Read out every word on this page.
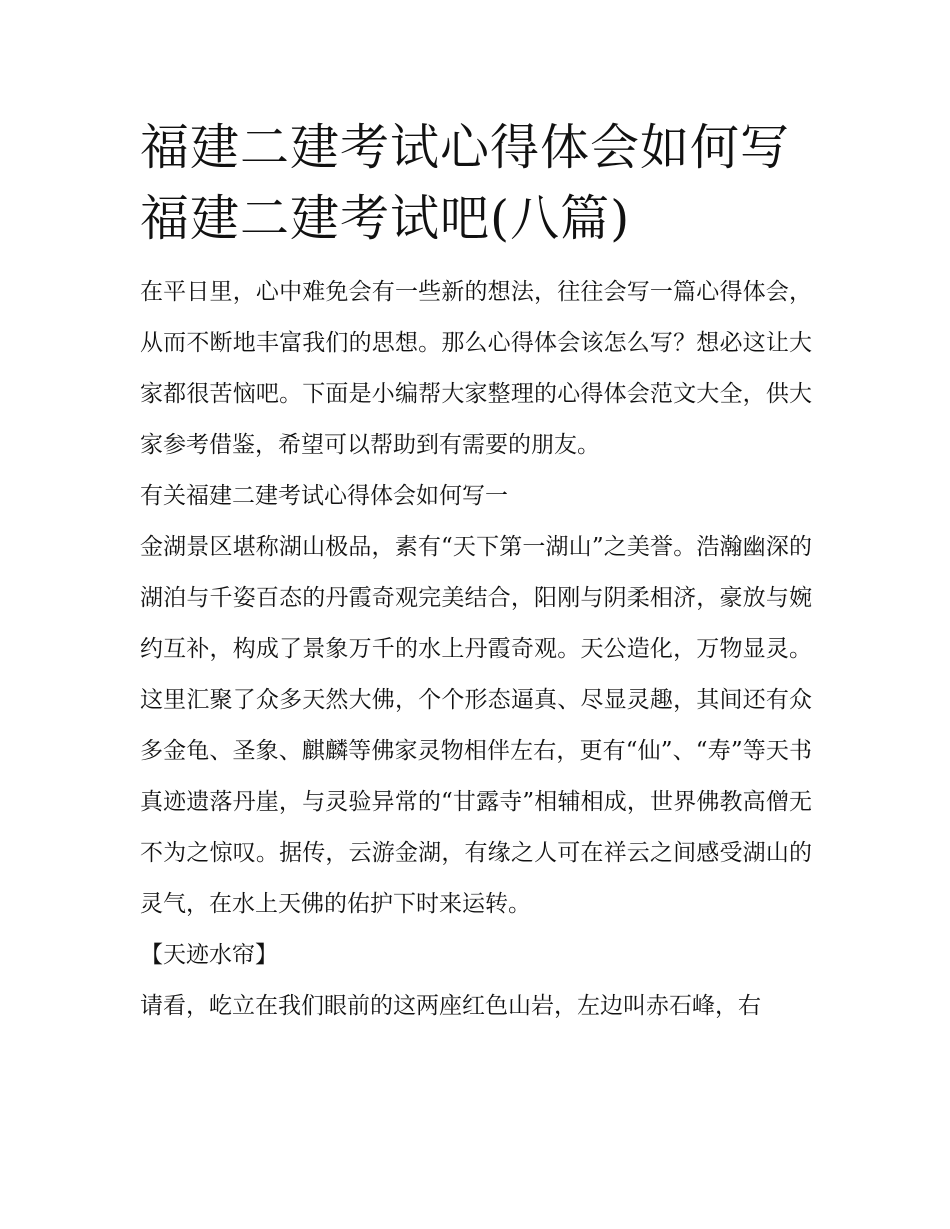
福建二建考试心得体会如何写福建二建考试吧(八篇)

在平日里，心中难免会有一些新的想法，往往会写一篇心得体会，从而不断地丰富我们的思想。那么心得体会该怎么写？想必这让大家都很苦恼吧。下面是小编帮大家整理的心得体会范文大全，供大家参考借鉴，希望可以帮助到有需要的朋友。

有关福建二建考试心得体会如何写一

金湖景区堪称湖山极品，素有“天下第一湖山”之美誉。浩瀚幽深的湖泊与千姿百态的丹霞奇观完美结合，阳刚与阴柔相济，豪放与婉约互补，构成了景象万千的水上丹霞奇观。天公造化，万物显灵。这里汇聚了众多天然大佛，个个形态逼真、尽显灵趣，其间还有众多金龟、圣象、麒麟等佛家灵物相伴左右，更有“仙”、“寿”等天书真迹遗落丹崖，与灵验异常的“甘露寺”相辅相成，世界佛教高僧无不为之惊叹。据传，云游金湖，有缘之人可在祥云之间感受湖山的灵气，在水上天佛的佑护下时来运转。

【天迹水帘】

请看，屹立在我们眼前的这两座红色山岩，左边叫赤石峰，右
